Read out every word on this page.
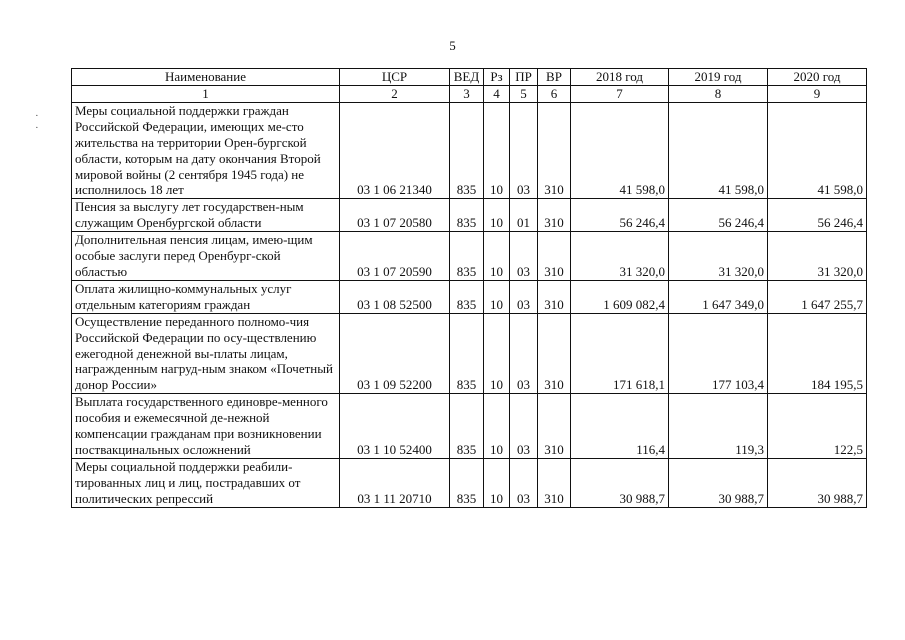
5
·
·
Наименование	ЦСР	ВЕД	Рз	ПР	ВР	2018 год	2019 год	2020 год
1	2	3	4	5	6	7	8	9
Меры социальной поддержки граждан Российской Федерации, имеющих ме-сто жительства на территории Орен-бургской области, которым на дату окончания Второй мировой войны (2 сентября 1945 года) не исполнилось 18 лет	03 1 06 21340	835	10	03	310	41 598,0	41 598,0	41 598,0
Пенсия за выслугу лет государствен-ным служащим Оренбургской области	03 1 07 20580	835	10	01	310	56 246,4	56 246,4	56 246,4
Дополнительная пенсия лицам, имею-щим особые заслуги перед Оренбург-ской областью	03 1 07 20590	835	10	03	310	31 320,0	31 320,0	31 320,0
Оплата жилищно-коммунальных услуг отдельным категориям граждан	03 1 08 52500	835	10	03	310	1 609 082,4	1 647 349,0	1 647 255,7
Осуществление переданного полномо-чия Российской Федерации по осу-ществлению ежегодной денежной вы-платы лицам, награжденным нагруд-ным знаком «Почетный донор России»	03 1 09 52200	835	10	03	310	171 618,1	177 103,4	184 195,5
Выплата государственного единовре-менного пособия и ежемесячной де-нежной компенсации гражданам при возникновении поствакцинальных осложнений	03 1 10 52400	835	10	03	310	116,4	119,3	122,5
Меры социальной поддержки реабили-тированных лиц и лиц, пострадавших от политических репрессий	03 1 11 20710	835	10	03	310	30 988,7	30 988,7	30 988,7
